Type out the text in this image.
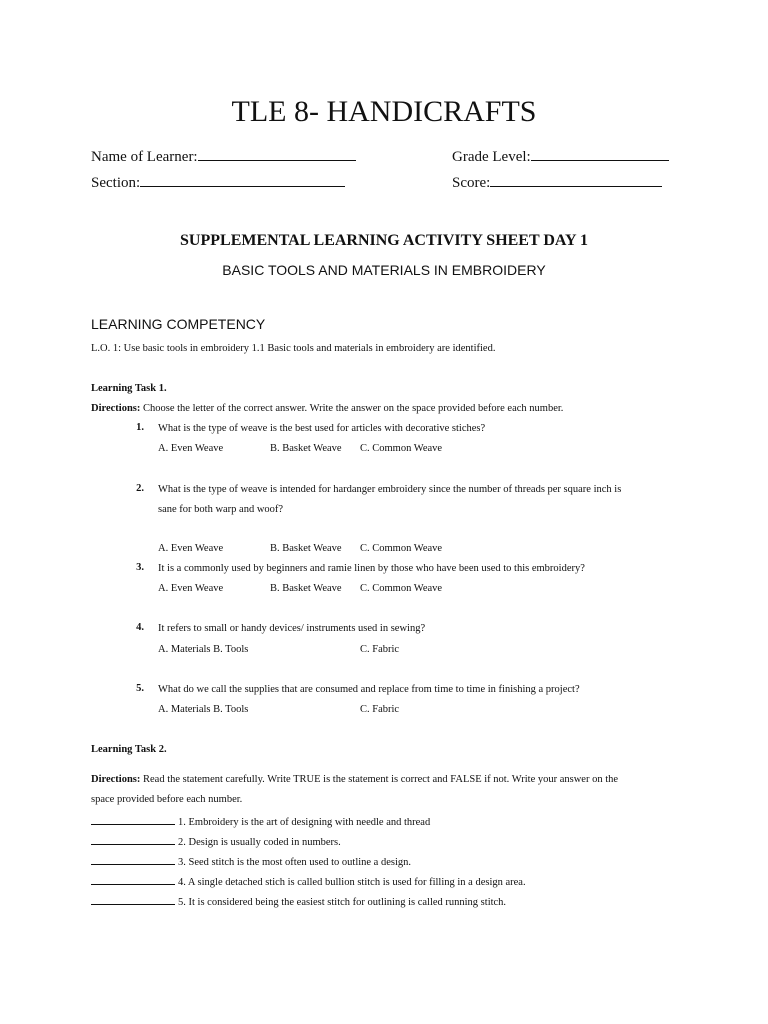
TLE 8- HANDICRAFTS
Name of Learner:	Grade Level:
Section:	Score:
SUPPLEMENTAL LEARNING ACTIVITY SHEET DAY 1
BASIC TOOLS AND MATERIALS IN EMBROIDERY
LEARNING COMPETENCY
L.O. 1: Use basic tools in embroidery 1.1 Basic tools and materials in embroidery are identified.
Learning Task 1.
Directions: Choose the letter of the correct answer. Write the answer on the space provided before each number.
1. What is the type of weave is the best used for articles with decorative stiches?
A. Even Weave	B. Basket Weave C. Common Weave
2. What is the type of weave is intended for hardanger embroidery since the number of threads per square inch is
sane for both warp and woof?
A. Even Weave	B. Basket Weave C. Common Weave
3. It is a commonly used by beginners and ramie linen by those who have been used to this embroidery?
A. Even Weave	B. Basket Weave C. Common Weave
4. It refers to small or handy devices/ instruments used in sewing?
A. Materials B. Tools	C. Fabric
5. What do we call the supplies that are consumed and replace from time to time in finishing a project?
A. Materials B. Tools	C. Fabric
Learning Task 2.
Directions: Read the statement carefully. Write TRUE is the statement is correct and FALSE if not. Write your answer on the
space provided before each number.
1. Embroidery is the art of designing with needle and thread
2. Design is usually coded in numbers.
3. Seed stitch is the most often used to outline a design.
4. A single detached stich is called bullion stitch is used for filling in a design area.
5. It is considered being the easiest stitch for outlining is called running stitch.
